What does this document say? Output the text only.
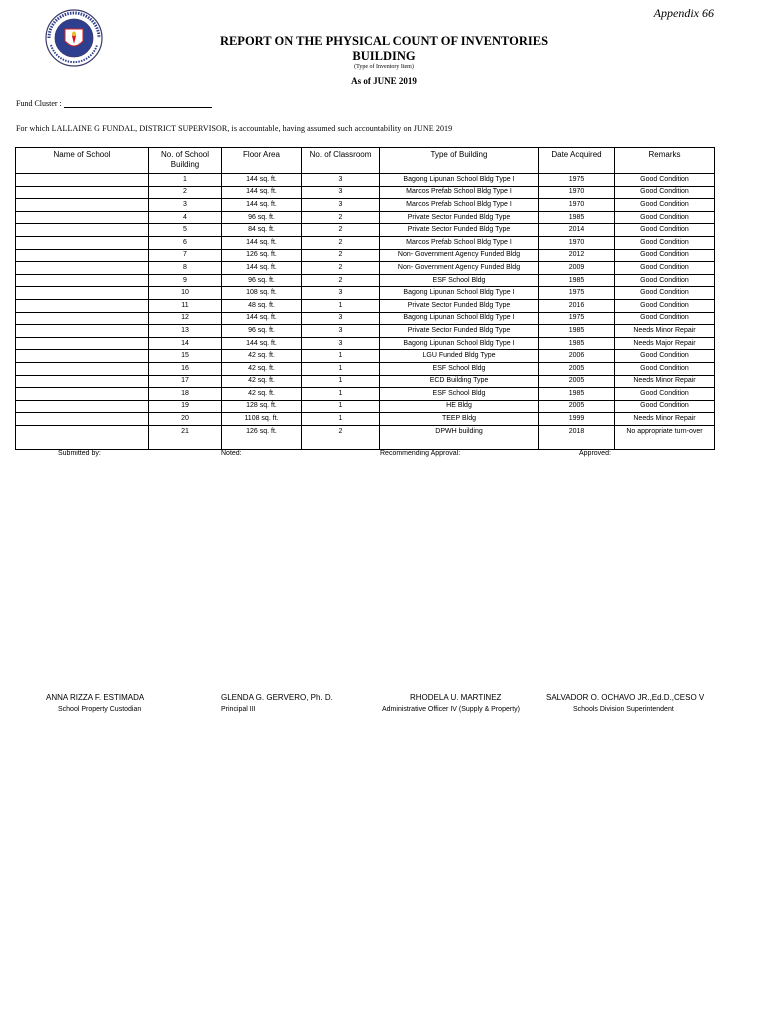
Appendix 66
REPORT ON THE PHYSICAL COUNT OF INVENTORIES
BUILDING
(Type of Inventory Item)
As of JUNE 2019
Fund Cluster :
For which LALLAINE G FUNDAL, DISTRICT SUPERVISOR, is accountable, having assumed such accountability on JUNE 2019
Name of School	No. of School Building	Floor Area	No. of Classroom	Type of Building	Date Acquired	Remarks
	1	144 sq. ft.	3	Bagong Lipunan School Bldg Type I	1975	Good Condition
	2	144 sq. ft.	3	Marcos Prefab School Bldg Type I	1970	Good Condition
	3	144 sq. ft.	3	Marcos Prefab School Bldg Type I	1970	Good Condition
	4	96 sq. ft.	2	Private Sector Funded Bldg Type	1985	Good Condition
	5	84 sq. ft.	2	Private Sector Funded Bldg Type	2014	Good Condition
	6	144 sq. ft.	2	Marcos Prefab School Bldg Type I	1970	Good Condition
	7	126 sq. ft.	2	Non- Government Agency Funded Bldg	2012	Good Condition
	8	144 sq. ft.	2	Non- Government Agency Funded Bldg	2009	Good Condition
	9	96 sq. ft.	2	ESF School Bldg	1985	Good Condition
	10	108 sq. ft.	3	Bagong Lipunan School Bldg Type I	1975	Good Condition
	11	48 sq. ft.	1	Private Sector Funded Bldg Type	2016	Good Condition
	12	144 sq. ft.	3	Bagong Lipunan School Bldg Type I	1975	Good Condition
	13	96 sq. ft.	3	Private Sector Funded Bldg Type	1985	Needs Minor Repair
	14	144 sq. ft.	3	Bagong Lipunan School Bldg Type I	1985	Needs Major Repair
	15	42 sq. ft.	1	LGU Funded Bldg Type	2006	Good Condition
	16	42 sq. ft.	1	ESF School Bldg	2005	Good Condition
	17	42 sq. ft.	1	ECD Building Type	2005	Needs Minor Repair
	18	42 sq. ft.	1	ESF School Bldg	1985	Good Condition
	19	128 sq. ft.	1	HE Bldg	2005	Good Condition
	20	1108 sq. ft.	1	TEEP Bldg	1999	Needs Minor Repair
	21	126 sq. ft.	2	DPWH building	2018	No appropriate turn-over
Submitted by:	Noted:	Recommending Approval:	Approved:
ANNA RIZZA F. ESTIMADA
School Property Custodian
GLENDA G. GERVERO, Ph. D.
Principal III
RHODELA U. MARTINEZ
Administrative Officer IV (Supply & Property)
SALVADOR O. OCHAVO JR.,Ed.D.,CESO V
Schools Division Superintendent
